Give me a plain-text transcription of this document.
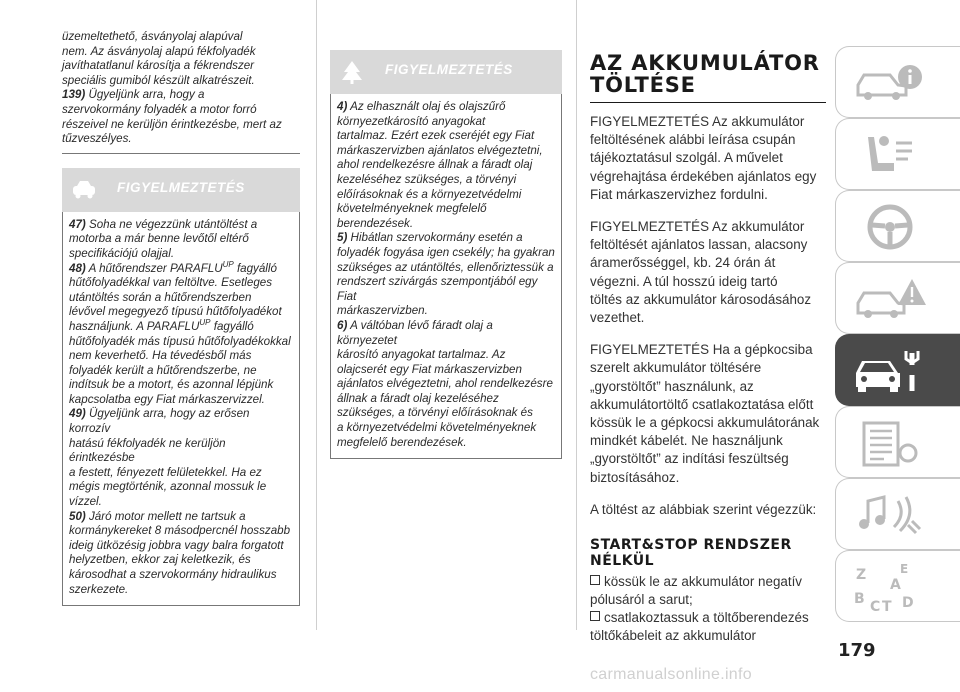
üzemeltethető, ásványolaj alapúval

nem. Az ásványolaj alapú fékfolyadék

javíthatatlanul károsítja a fékrendszer

speciális gumiból készült alkatrészeit.

139) Ügyeljünk arra, hogy a

szervokormány folyadék a motor forró

részeivel ne kerüljön érintkezésbe, mert az

tűzveszélyes.

FIGYELMEZTETÉS

47) Soha ne végezzünk utántöltést a

motorba a már benne levőtől eltérő

specifikációjú olajjal.

48) A hűtőrendszer $PARAFLU^{UP}$ fagyálló

hűtőfolyadékkal van feltöltve. Esetleges

utántöltés során a hűtőrendszerben

lévővel megegyező típusú hűtőfolyadékot

használjunk. A $PARAFLU^{UP}$ fagyálló

hűtőfolyadék más típusú hűtőfolyadékokkal

nem keverhető. Ha tévedésből más

folyadék került a hűtőrendszerbe, ne

indítsuk be a motort, és azonnal lépjünk

kapcsolatba egy Fiat márkaszervizzel.

49) Ügyeljünk arra, hogy az erősen korrozív

hatású fékfolyadék ne kerüljön érintkezésbe

a festett, fényezett felületekkel. Ha ez

mégis megtörténik, azonnal mossuk le

vízzel.

50) Járó motor mellett ne tartsuk a

kormánykereket 8 másodpercnél hosszabb

ideig ütközésig jobbra vagy balra forgatott

helyzetben, ekkor zaj keletkezik, és

károsodhat a szervokormány hidraulikus

szerkezete.

FIGYELMEZTETÉS

4) Az elhasznált olaj és olajszűrő

környezetkárosító anyagokat

tartalmaz. Ezért ezek cseréjét egy Fiat

márkaszervizben ajánlatos elvégeztetni,

ahol rendelkezésre állnak a fáradt olaj

kezeléséhez szükséges, a törvényi

előírásoknak és a környezetvédelmi

követelményeknek megfelelő

berendezések.

5) Hibátlan szervokormány esetén a

folyadék fogyása igen csekély; ha gyakran

szükséges az utántöltés, ellenőriztessük a

rendszert szivárgás szempontjából egy Fiat

márkaszervizben.

6) A váltóban lévő fáradt olaj a környezetet

károsító anyagokat tartalmaz. Az

olajcserét egy Fiat márkaszervizben

ajánlatos elvégeztetni, ahol rendelkezésre

állnak a fáradt olaj kezeléséhez

szükséges, a törvényi előírásoknak és

a környezetvédelmi követelményeknek

megfelelő berendezések.

AZ AKKUMULÁTOR
TÖLTÉSE
FIGYELMEZTETÉS Az akkumulátor
feltöltésének alábbi leírása csupán
tájékoztatásul szolgál. A művelet
végrehajtása érdekében ajánlatos egy
Fiat márkaszervizhez fordulni.
FIGYELMEZTETÉS Az akkumulátor
feltöltését ajánlatos lassan, alacsony
áramerősséggel, kb. 24 órán át
végezni. A túl hosszú ideig tartó
töltés az akkumulátor károsodásához
vezethet.
FIGYELMEZTETÉS Ha a gépkocsiba
szerelt akkumulátor töltésére
„gyorstöltőt” használunk, az
akkumulátortöltő csatlakoztatása előtt
kössük le a gépkocsi akkumulátorának
mindkét kábelét. Ne használjunk
„gyorstöltőt” az indítási feszültség
biztosításához.
A töltést az alábbiak szerint végezzük:
START&STOP RENDSZER
NÉLKÜL
kössük le az akkumulátor negatív
pólusáról a sarut;
csatlakoztassuk a töltőberendezés
töltőkábeleit az akkumulátor
Z	E
A
B C T D
179
carmanualsonline.info
